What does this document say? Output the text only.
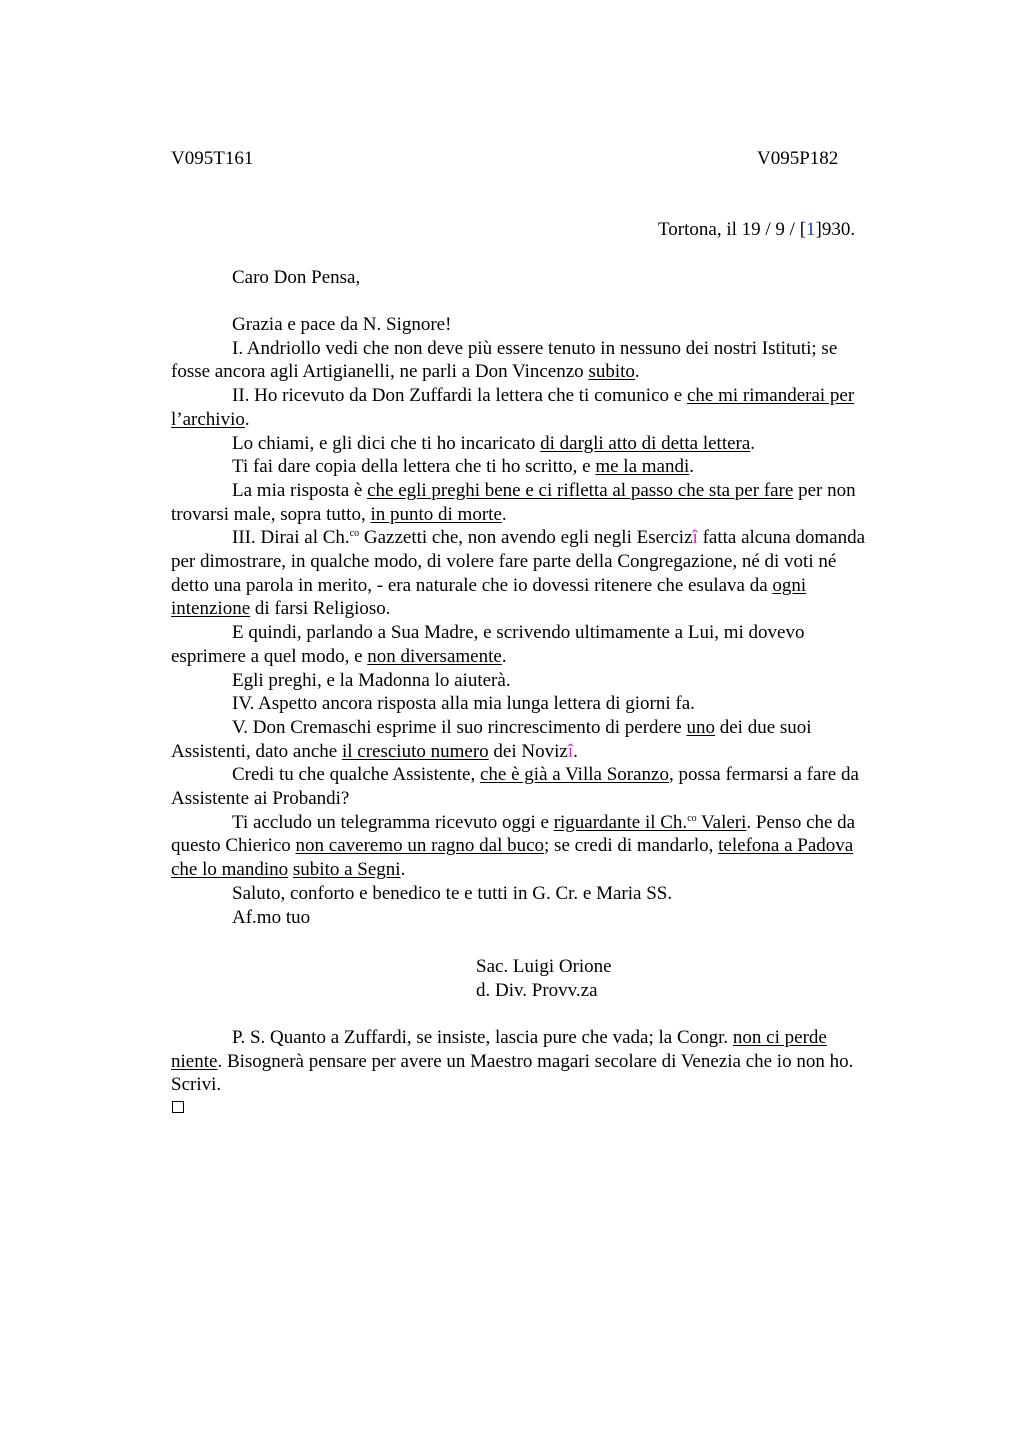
V095T161	V095P182
Tortona, il 19 / 9 / [1]930.
Caro Don Pensa,

Grazia e pace da N. Signore!

I. Andriollo vedi che non deve più essere tenuto in nessuno dei nostri Istituti; se

fosse ancora agli Artigianelli, ne parli a Don Vincenzo subito.

II. Ho ricevuto da Don Zuffardi la lettera che ti comunico e che mi rimanderai per

l’archivio.

Lo chiami, e gli dici che ti ho incaricato di dargli atto di detta lettera.

Ti fai dare copia della lettera che ti ho scritto, e me la mandi.

La mia risposta è che egli preghi bene e ci rifletta al passo che sta per fare per non

trovarsi male, sopra tutto, in punto di morte.

III. Dirai al Ch.$^{co}$ Gazzetti che, non avendo egli negli Esercizî fatta alcuna domanda

per dimostrare, in qualche modo, di volere fare parte della Congregazione, né di voti né

detto una parola in merito, - era naturale che io dovessi ritenere che esulava da ogni

intenzione di farsi Religioso.

E quindi, parlando a Sua Madre, e scrivendo ultimamente a Lui, mi dovevo

esprimere a quel modo, e non diversamente.

Egli preghi, e la Madonna lo aiuterà.

IV. Aspetto ancora risposta alla mia lunga lettera di giorni fa.

V. Don Cremaschi esprime il suo rincrescimento di perdere uno dei due suoi

Assistenti, dato anche il cresciuto numero dei Novizî.

Credi tu che qualche Assistente, che è già a Villa Soranzo, possa fermarsi a fare da

Assistente ai Probandi?

Ti accludo un telegramma ricevuto oggi e riguardante il Ch.$^{co}$ Valeri. Penso che da

questo Chierico non caveremo un ragno dal buco; se credi di mandarlo, telefona a Padova

che lo mandino subito a Segni.

Saluto, conforto e benedico te e tutti in G. Cr. e Maria SS.

Af.mo tuo

Sac. Luigi Orione
d. Div. Provv.za

P. S. Quanto a Zuffardi, se insiste, lascia pure che vada; la Congr. non ci perde

niente. Bisognerà pensare per avere un Maestro magari secolare di Venezia che io non ho.

Scrivi.
